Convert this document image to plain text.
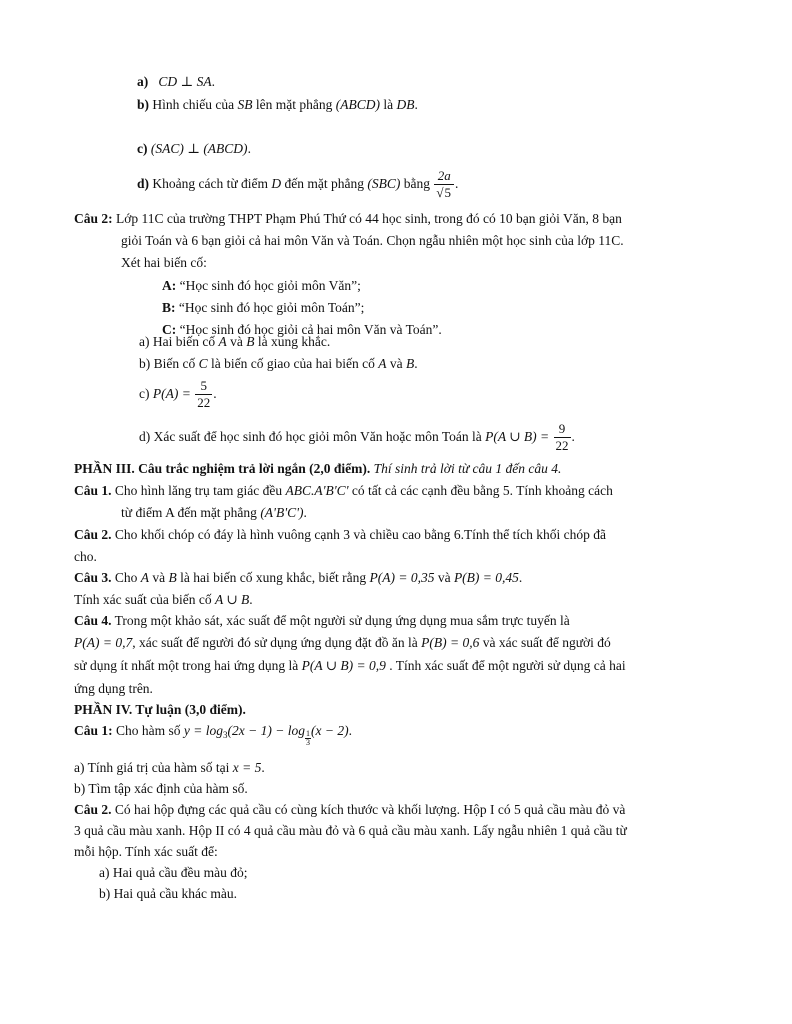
a) CD ⊥ SA.
b) Hình chiếu của SB lên mặt phẳng (ABCD) là DB.
c) (SAC) ⊥ (ABCD).
d) Khoảng cách từ điểm D đến mặt phẳng (SBC) bằng $\frac{2a}{√5}$ .
Câu 2: Lớp 11C của trường THPT Phạm Phú Thứ có 44 học sinh, trong đó có 10 bạn giỏi Văn, 8 bạn
giỏi Toán và 6 bạn giỏi cả hai môn Văn và Toán. Chọn ngẫu nhiên một học sinh của lớp 11C.
Xét hai biến cố:
A: “Học sinh đó học giỏi môn Văn”;
B: “Học sinh đó học giỏi môn Toán”;
C: “Học sinh đó học giỏi cả hai môn Văn và Toán”.
a) Hai biến cố A và B là xung khắc.
b) Biến cố C là biến cố giao của hai biến cố A và B.
c) $P(A) = \frac{5}{22}$ .
d) Xác suất để học sinh đó học giỏi môn Văn hoặc môn Toán là P(A ∪ $B) = \frac{9}{22}$ .
PHẦN III. Câu trắc nghiệm trả lời ngắn (2,0 điểm). Thí sinh trả lời từ câu 1 đến câu 4.
Câu 1. Cho hình lăng trụ tam giác đều ABC.A'B'C' có tất cả các cạnh đều bằng 5. Tính khoảng cách
từ điểm A đến mặt phẳng (A'B'C').
Câu 2. Cho khối chóp có đáy là hình vuông cạnh 3 và chiều cao bằng 6.Tính thể tích khối chóp đã
cho.
Câu 3. Cho A và B là hai biến cố xung khắc, biết rằng P(A) = 0,35 và P(B) = 0,45.
Tính xác suất của biến cố A ∪ B.
Câu 4. Trong một khảo sát, xác suất để một người sử dụng ứng dụng mua sắm trực tuyến là
P(A) = 0,7, xác suất để người đó sử dụng ứng dụng đặt đồ ăn là P(B) = 0,6 và xác suất để người đó
sử dụng ít nhất một trong hai ứng dụng là P(A ∪ B) = 0,9 . Tính xác suất để một người sử dụng cả hai
ứng dụng trên.
PHẦN IV. Tự luận (3,0 điểm).
Câu 1: Cho hàm số $y = \log_3(2x - 1) - \log \frac{1}{3} (x - 2)$.
a) Tính giá trị của hàm số tại x = 5.
b) Tìm tập xác định của hàm số.
Câu 2. Có hai hộp đựng các quả cầu có cùng kích thước và khối lượng. Hộp I có 5 quả cầu màu đỏ và
3 quả cầu màu xanh. Hộp II có 4 quả cầu màu đỏ và 6 quả cầu màu xanh. Lấy ngẫu nhiên 1 quả cầu từ
mỗi hộp. Tính xác suất để:
a) Hai quả cầu đều màu đỏ;
b) Hai quả cầu khác màu.
